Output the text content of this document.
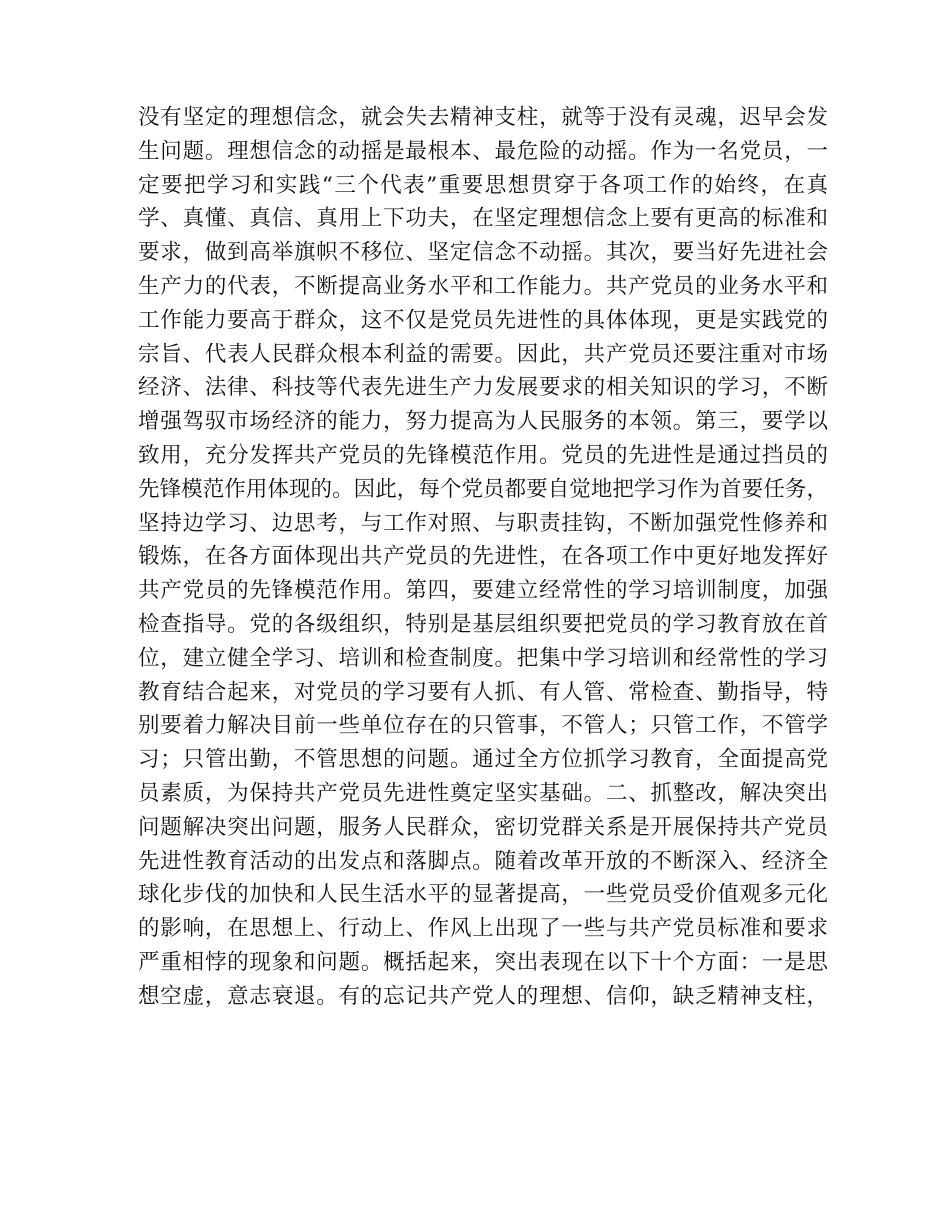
没有坚定的理想信念，就会失去精神支柱，就等于没有灵魂，迟早会发
生问题。理想信念的动摇是最根本、最危险的动摇。作为一名党员，一
定要把学习和实践“三个代表”重要思想贯穿于各项工作的始终，在真
学、真懂、真信、真用上下功夫，在坚定理想信念上要有更高的标准和
要求，做到高举旗帜不移位、坚定信念不动摇。其次，要当好先进社会
生产力的代表，不断提高业务水平和工作能力。共产党员的业务水平和
工作能力要高于群众，这不仅是党员先进性的具体体现，更是实践党的
宗旨、代表人民群众根本利益的需要。因此，共产党员还要注重对市场
经济、法律、科技等代表先进生产力发展要求的相关知识的学习，不断
增强驾驭市场经济的能力，努力提高为人民服务的本领。第三，要学以
致用，充分发挥共产党员的先锋模范作用。党员的先进性是通过挡员的
先锋模范作用体现的。因此，每个党员都要自觉地把学习作为首要任务，
坚持边学习、边思考，与工作对照、与职责挂钩，不断加强党性修养和
锻炼，在各方面体现出共产党员的先进性，在各项工作中更好地发挥好
共产党员的先锋模范作用。第四，要建立经常性的学习培训制度，加强
检查指导。党的各级组织，特别是基层组织要把党员的学习教育放在首
位，建立健全学习、培训和检查制度。把集中学习培训和经常性的学习
教育结合起来，对党员的学习要有人抓、有人管、常检查、勤指导，特
别要着力解决目前一些单位存在的只管事，不管人；只管工作，不管学
习；只管出勤，不管思想的问题。通过全方位抓学习教育，全面提高党
员素质，为保持共产党员先进性奠定坚实基础。二、抓整改，解决突出
问题解决突出问题，服务人民群众，密切党群关系是开展保持共产党员
先进性教育活动的出发点和落脚点。随着改革开放的不断深入、经济全
球化步伐的加快和人民生活水平的显著提高，一些党员受价值观多元化
的影响，在思想上、行动上、作风上出现了一些与共产党员标准和要求
严重相悖的现象和问题。概括起来，突出表现在以下十个方面：一是思
想空虚，意志衰退。有的忘记共产党人的理想、信仰，缺乏精神支柱，
